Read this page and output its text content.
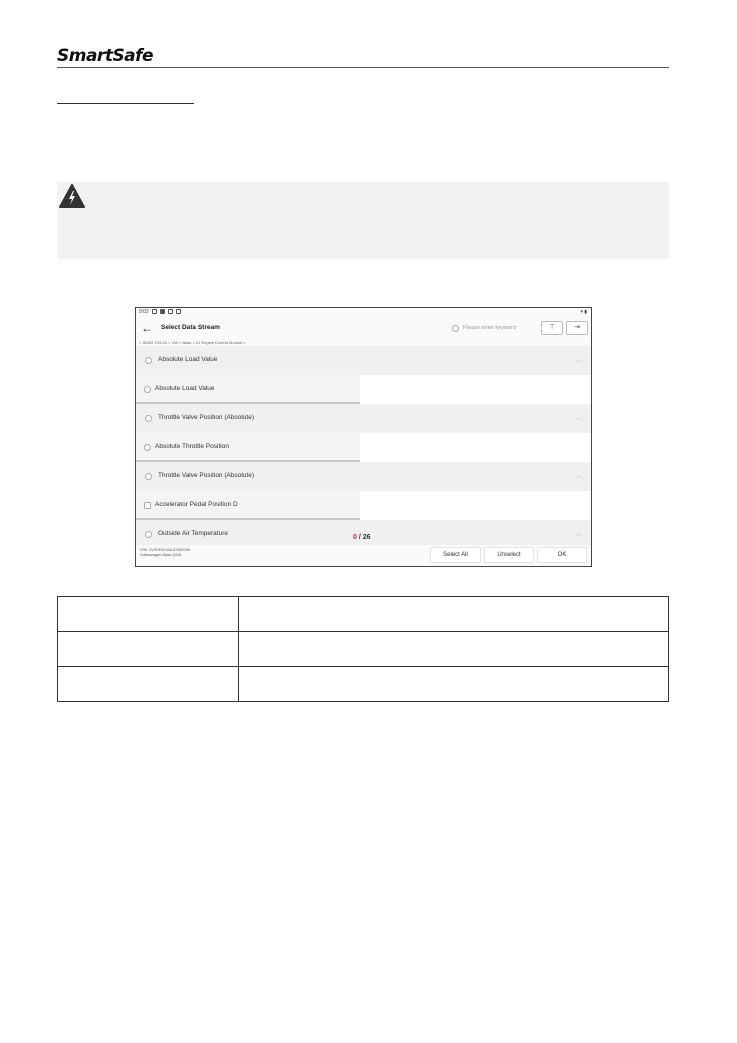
SmartSafe
9:02	▾ ▮
← Select Data Stream	Please enter keyword	⊤	⇥
> SDAS V15.24 > VW > Atlas > 01 Engine Control Module >
Absolute Load Value	︿
Absolute Load Value
Throttle Valve Position (Absolute)	︿
Absolute Throttle Position
Throttle Valve Position (Absolute)	︿
Accelerator Pedal Position D
Outside Air Temperature	︿
0 / 26
VIN: 1V2DR2CA6JC500005
Volkswagen Atlas 2018	Select All	Unselect	OK
